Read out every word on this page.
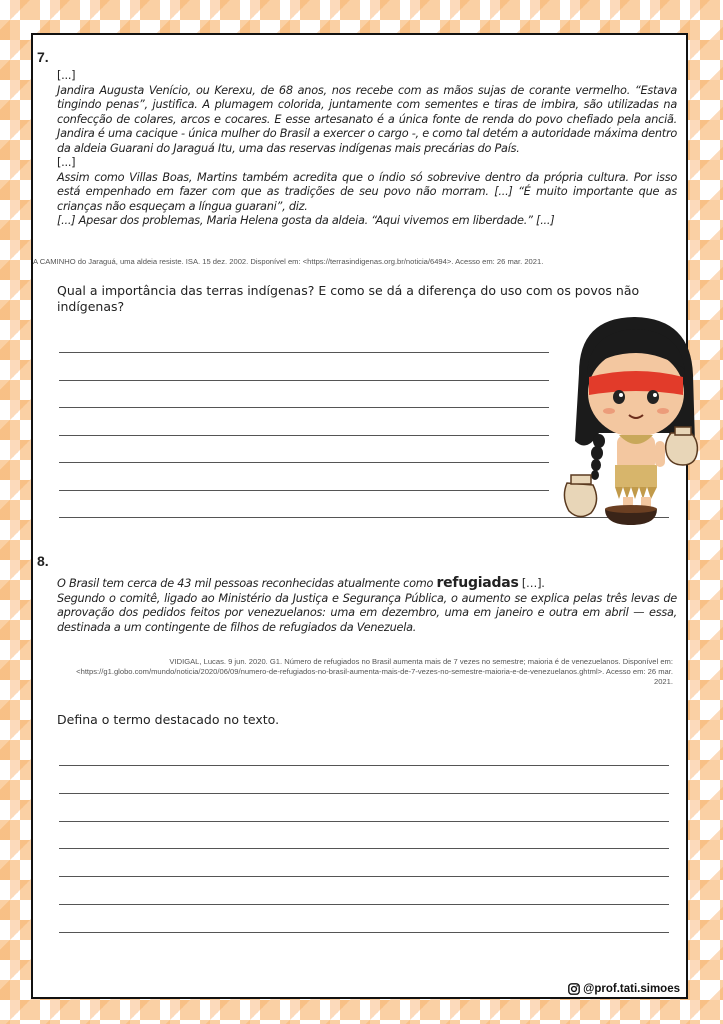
7.

[...]

Jandira Augusta Venício, ou Kerexu, de 68 anos, nos recebe com as mãos sujas de corante vermelho. “Estava tingindo penas”, justifica. A plumagem colorida, juntamente com sementes e tiras de imbira, são utilizadas na confecção de colares, arcos e cocares. E esse artesanato é a única fonte de renda do povo chefiado pela anciã. Jandira é uma cacique - única mulher do Brasil a exercer o cargo -, e como tal detém a autoridade máxima dentro da aldeia Guarani do Jaraguá Itu, uma das reservas indígenas mais precárias do País.

[...]

Assim como Villas Boas, Martins também acredita que o índio só sobrevive dentro da própria cultura. Por isso está empenhado em fazer com que as tradições de seu povo não morram. [...] “É muito importante que as crianças não esqueçam a língua guarani”, diz.

[...] Apesar dos problemas, Maria Helena gosta da aldeia. “Aqui vivemos em liberdade.” [...]

A CAMINHO do Jaraguá, uma aldeia resiste. ISA. 15 dez. 2002. Disponível em: <https://terrasindigenas.org.br/noticia/6494>. Acesso em: 26 mar. 2021.
Qual a importância das terras indígenas? E como se dá a diferença do uso com os povos não indígenas?
8.

O Brasil tem cerca de 43 mil pessoas reconhecidas atualmente como refugiadas […].

Segundo o comitê, ligado ao Ministério da Justiça e Segurança Pública, o aumento se explica pelas três levas de aprovação dos pedidos feitos por venezuelanos: uma em dezembro, uma em janeiro e outra em abril — essa, destinada a um contingente de filhos de refugiados da Venezuela.

VIDIGAL, Lucas. 9 jun. 2020. G1. Número de refugiados no Brasil aumenta mais de 7 vezes no semestre; maioria é de venezuelanos. Disponível em: <https://g1.globo.com/mundo/noticia/2020/06/09/numero-de-refugiados-no-brasil-aumenta-mais-de-7-vezes-no-semestre-maioria-e-de-venezuelanos.ghtml>. Acesso em: 26 mar. 2021.
Defina o termo destacado no texto.
@prof.tati.simoes
